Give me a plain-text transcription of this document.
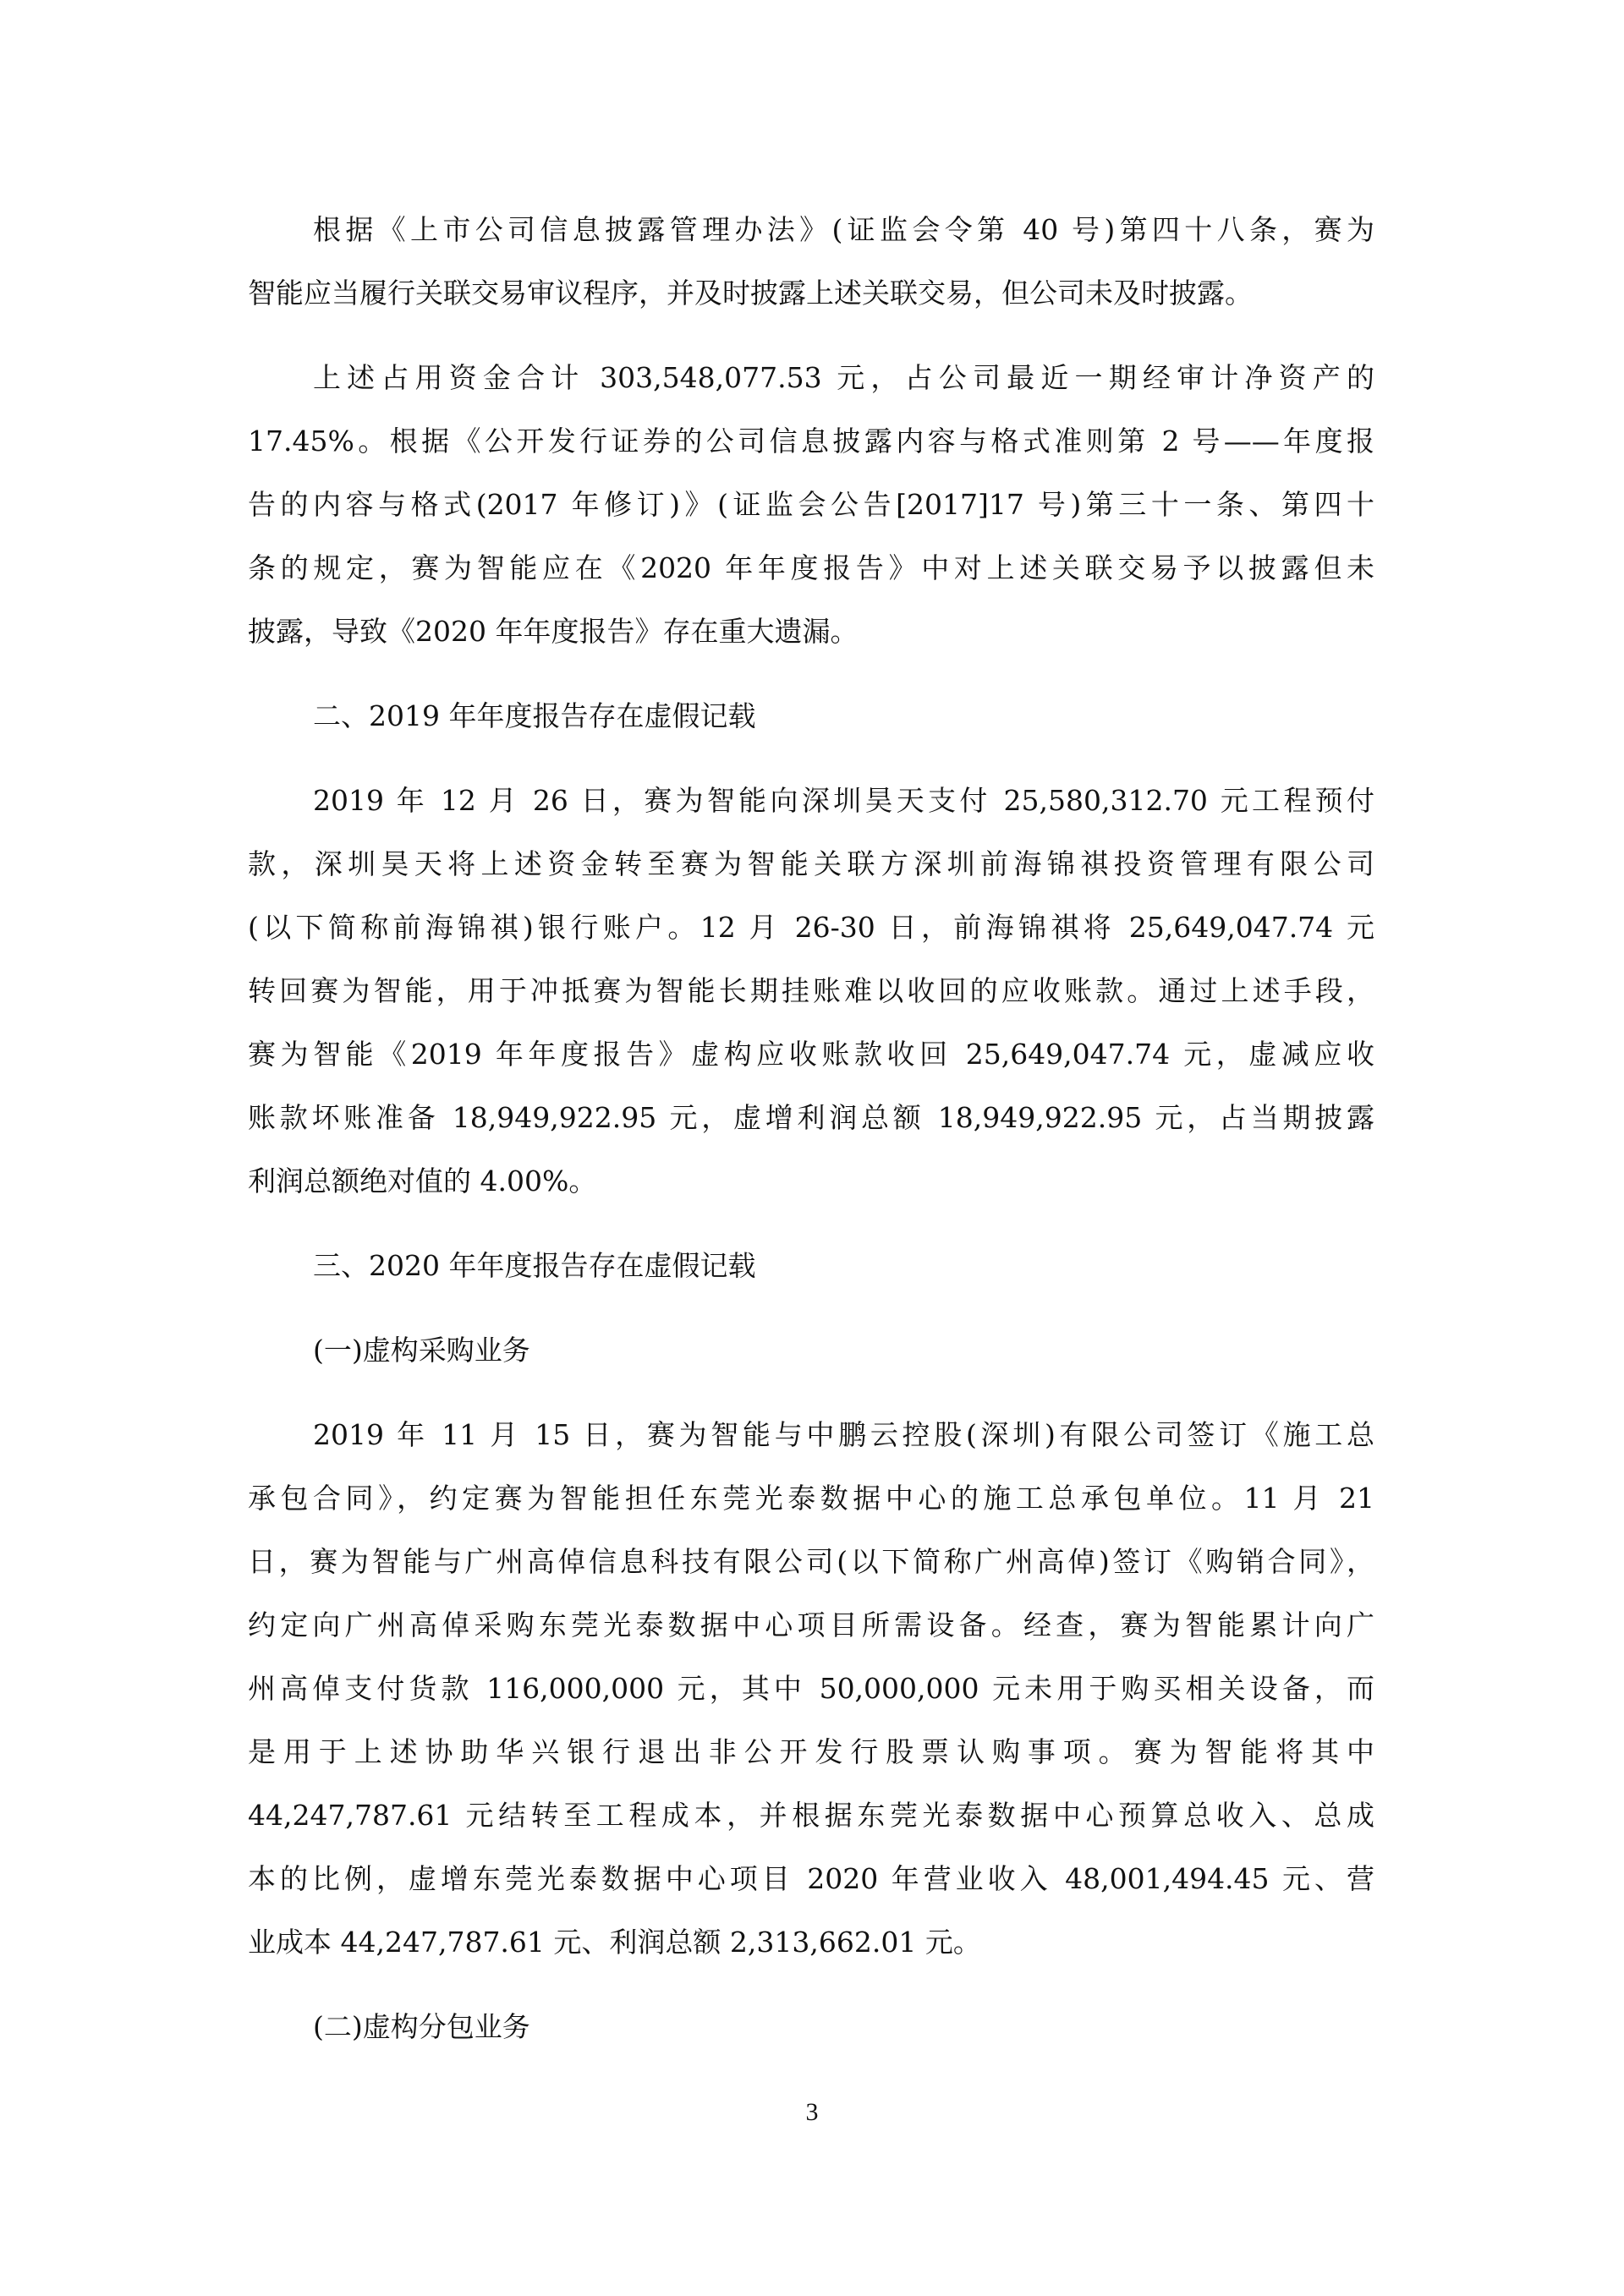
根据《上市公司信息披露管理办法》(证监会令第 40 号)第四十八条，赛为
智能应当履行关联交易审议程序，并及时披露上述关联交易，但公司未及时披露。
上述占用资金合计 303,548,077.53 元，占公司最近一期经审计净资产的
17.45%。根据《公开发行证券的公司信息披露内容与格式准则第 2 号——年度报
告的内容与格式(2017 年修订)》(证监会公告[2017]17 号)第三十一条、第四十
条的规定，赛为智能应在《2020 年年度报告》中对上述关联交易予以披露但未
披露，导致《2020 年年度报告》存在重大遗漏。
二、2019 年年度报告存在虚假记载
2019 年 12 月 26 日，赛为智能向深圳昊天支付 25,580,312.70 元工程预付
款，深圳昊天将上述资金转至赛为智能关联方深圳前海锦祺投资管理有限公司
(以下简称前海锦祺)银行账户。12 月 26-30 日，前海锦祺将 25,649,047.74 元
转回赛为智能，用于冲抵赛为智能长期挂账难以收回的应收账款。通过上述手段，
赛为智能《2019 年年度报告》虚构应收账款收回 25,649,047.74 元，虚减应收
账款坏账准备 18,949,922.95 元，虚增利润总额 18,949,922.95 元，占当期披露
利润总额绝对值的 4.00%。
三、2020 年年度报告存在虚假记载
(一)虚构采购业务
2019 年 11 月 15 日，赛为智能与中鹏云控股(深圳)有限公司签订《施工总
承包合同》，约定赛为智能担任东莞光泰数据中心的施工总承包单位。11 月 21
日，赛为智能与广州高倬信息科技有限公司(以下简称广州高倬)签订《购销合同》，
约定向广州高倬采购东莞光泰数据中心项目所需设备。经查，赛为智能累计向广
州高倬支付货款 116,000,000 元，其中 50,000,000 元未用于购买相关设备，而
是用于上述协助华兴银行退出非公开发行股票认购事项。赛为智能将其中
44,247,787.61 元结转至工程成本，并根据东莞光泰数据中心预算总收入、总成
本的比例，虚增东莞光泰数据中心项目 2020 年营业收入 48,001,494.45 元、营
业成本 44,247,787.61 元、利润总额 2,313,662.01 元。
(二)虚构分包业务
3
